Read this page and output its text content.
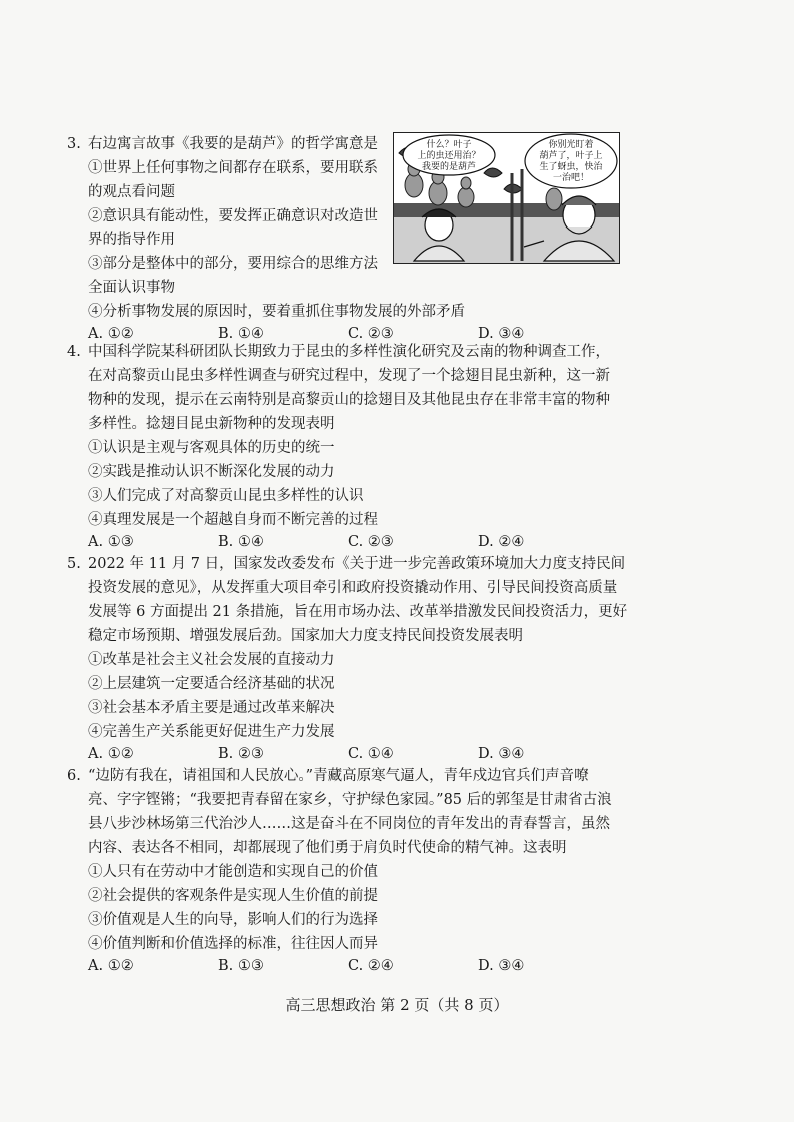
3. 右边寓言故事《我要的是葫芦》的哲学寓意是
①世界上任何事物之间都存在联系，要用联系
的观点看问题
②意识具有能动性，要发挥正确意识对改造世
界的指导作用
③部分是整体中的部分，要用综合的思维方法
全面认识事物
④分析事物发展的原因时，要着重抓住事物发展的外部矛盾
A. ①②	B. ①④	C. ②③	D. ③④
什么？叶子
上的虫还用治？
我要的是葫芦
你别光盯着
葫芦了，叶子上
生了蚜虫，快治
一治吧！
4. 中国科学院某科研团队长期致力于昆虫的多样性演化研究及云南的物种调查工作，
在对高黎贡山昆虫多样性调查与研究过程中，发现了一个捻翅目昆虫新种，这一新
物种的发现，提示在云南特别是高黎贡山的捻翅目及其他昆虫存在非常丰富的物种
多样性。捻翅目昆虫新物种的发现表明
①认识是主观与客观具体的历史的统一
②实践是推动认识不断深化发展的动力
③人们完成了对高黎贡山昆虫多样性的认识
④真理发展是一个超越自身而不断完善的过程
A. ①③	B. ①④	C. ②③	D. ②④
5. 2022 年 11 月 7 日，国家发改委发布《关于进一步完善政策环境加大力度支持民间
投资发展的意见》，从发挥重大项目牵引和政府投资撬动作用、引导民间投资高质量
发展等 6 方面提出 21 条措施，旨在用市场办法、改革举措激发民间投资活力，更好
稳定市场预期、增强发展后劲。国家加大力度支持民间投资发展表明
①改革是社会主义社会发展的直接动力
②上层建筑一定要适合经济基础的状况
③社会基本矛盾主要是通过改革来解决
④完善生产关系能更好促进生产力发展
A. ①②	B. ②③	C. ①④	D. ③④
6. “边防有我在，请祖国和人民放心。”青藏高原寒气逼人，青年戍边官兵们声音嘹
亮、字字铿锵；“我要把青春留在家乡，守护绿色家园。”85 后的郭玺是甘肃省古浪
县八步沙林场第三代治沙人……这是奋斗在不同岗位的青年发出的青春誓言，虽然
内容、表达各不相同，却都展现了他们勇于肩负时代使命的精气神。这表明
①人只有在劳动中才能创造和实现自己的价值
②社会提供的客观条件是实现人生价值的前提
③价值观是人生的向导，影响人们的行为选择
④价值判断和价值选择的标准，往往因人而异
A. ①②	B. ①③	C. ②④	D. ③④
高三思想政治 第 2 页（共 8 页）
